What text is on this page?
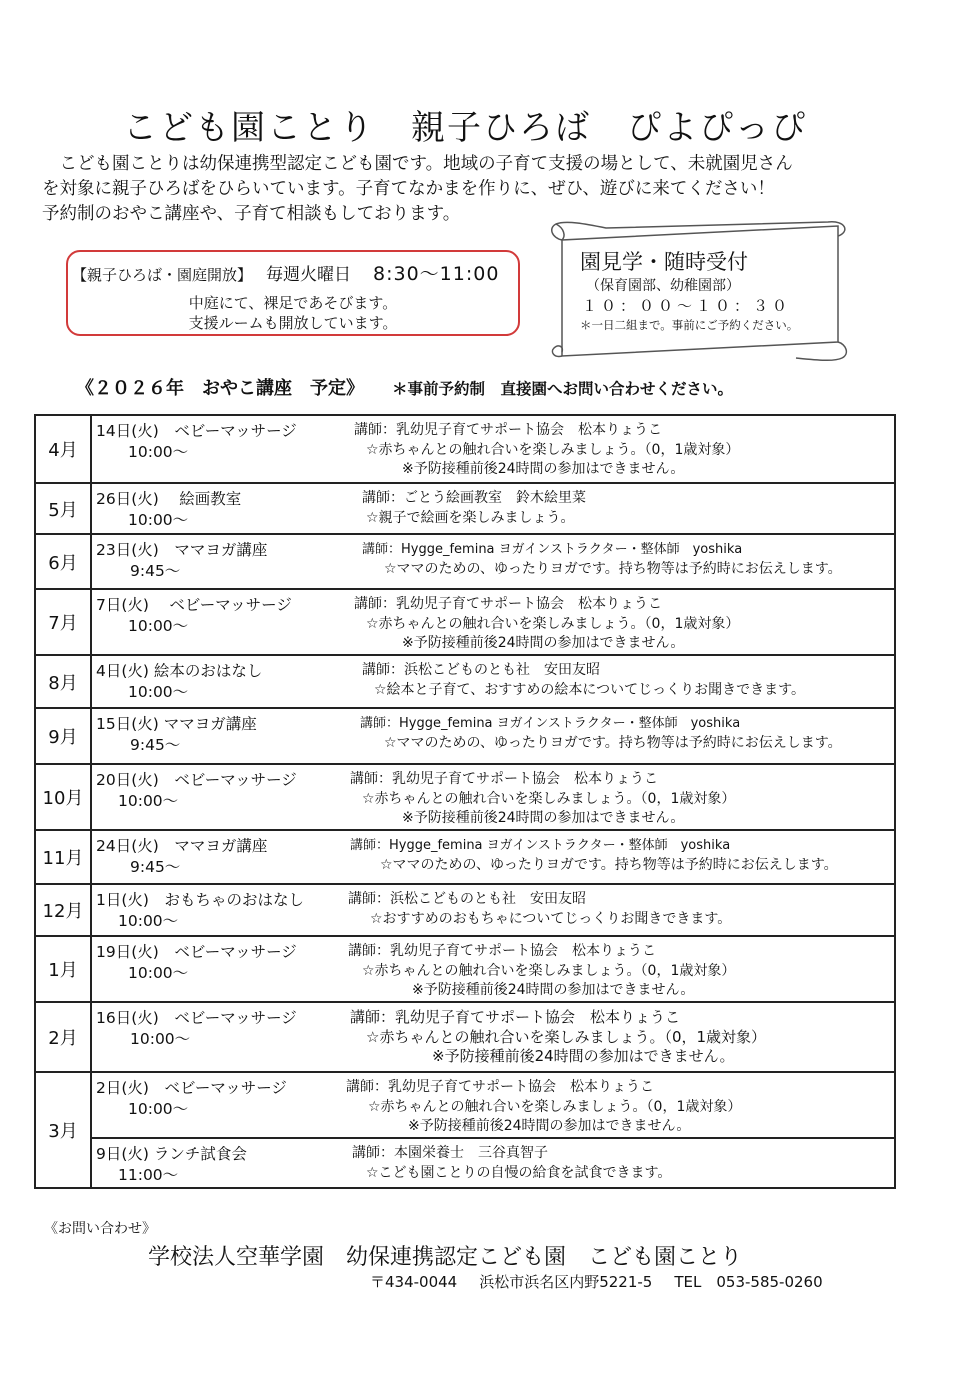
こども園ことり　親子ひろば　ぴよぴっぴ

　こども園ことりは幼保連携型認定こども園です。地域の子育て支援の場として、未就園児さん

を対象に親子ひろばをひらいています。子育てなかまを作りに、ぜひ、遊びに来てください！

予約制のおやこ講座や、子育て相談もしております。

【親子ひろば・園庭開放】 毎週火曜日 8:30～11:00
中庭にて、裸足であそびます。
支援ルームも開放しています。
園見学・随時受付
（保育園部、幼稚園部）
１０：００～１０：３０
＊一日二組まで。事前にご予約ください。
《２０２６年　おやこ講座　予定》 ＊事前予約制　直接園へお問い合わせください。
4月	14日(火)　ベビーマッサージ
10:00～
講師：乳幼児子育てサポート協会　松本りょうこ
☆赤ちゃんとの触れ合いを楽しみましょう。（0，1歳対象）
※予防接種前後24時間の参加はできません。

5月	26日(火)　 絵画教室
10:00～
講師：ごとう絵画教室　鈴木絵里菜
☆親子で絵画を楽しみましょう。

6月	23日(火)　ママヨガ講座
9:45～
講師：Hygge_femina ヨガインストラクター・整体師　yoshika
☆ママのための、ゆったりヨガです。持ち物等は予約時にお伝えします。

7月	7日(火)　 ベビーマッサージ
10:00～
講師：乳幼児子育てサポート協会　松本りょうこ
☆赤ちゃんとの触れ合いを楽しみましょう。（0，1歳対象）
※予防接種前後24時間の参加はできません。

8月	4日(火) 絵本のおはなし
10:00～
講師：浜松こどものとも社　安田友昭
☆絵本と子育て、おすすめの絵本についてじっくりお聞きできます。

9月	15日(火) ママヨガ講座
9:45～
講師：Hygge_femina ヨガインストラクター・整体師　yoshika
☆ママのための、ゆったりヨガです。持ち物等は予約時にお伝えします。

10月	20日(火)　ベビーマッサージ
10:00～
講師：乳幼児子育てサポート協会　松本りょうこ
☆赤ちゃんとの触れ合いを楽しみましょう。（0，1歳対象）
※予防接種前後24時間の参加はできません。

11月	24日(火)　ママヨガ講座
9:45～
講師：Hygge_femina ヨガインストラクター・整体師　yoshika
☆ママのための、ゆったりヨガです。持ち物等は予約時にお伝えします。

12月	1日(火)　おもちゃのおはなし
10:00～
講師：浜松こどものとも社　安田友昭
☆おすすめのおもちゃについてじっくりお聞きできます。

1月	19日(火)　ベビーマッサージ
10:00～
講師：乳幼児子育てサポート協会　松本りょうこ
☆赤ちゃんとの触れ合いを楽しみましょう。（0，1歳対象）
※予防接種前後24時間の参加はできません。

2月	16日(火)　ベビーマッサージ
10:00～
講師：乳幼児子育てサポート協会　松本りょうこ
☆赤ちゃんとの触れ合いを楽しみましょう。（0，1歳対象）
※予防接種前後24時間の参加はできません。

3月	2日(火)　ベビーマッサージ
10:00～
講師：乳幼児子育てサポート協会　松本りょうこ
☆赤ちゃんとの触れ合いを楽しみましょう。（0，1歳対象）
※予防接種前後24時間の参加はできません。

	9日(火) ランチ試食会
11:00～
講師：本園栄養士　三谷真智子
☆こども園ことりの自慢の給食を試食できます。
《お問い合わせ》
学校法人空華学園　幼保連携認定こども園　こども園ことり
〒434-0044 浜松市浜名区内野5221-5 TEL　053-585-0260
